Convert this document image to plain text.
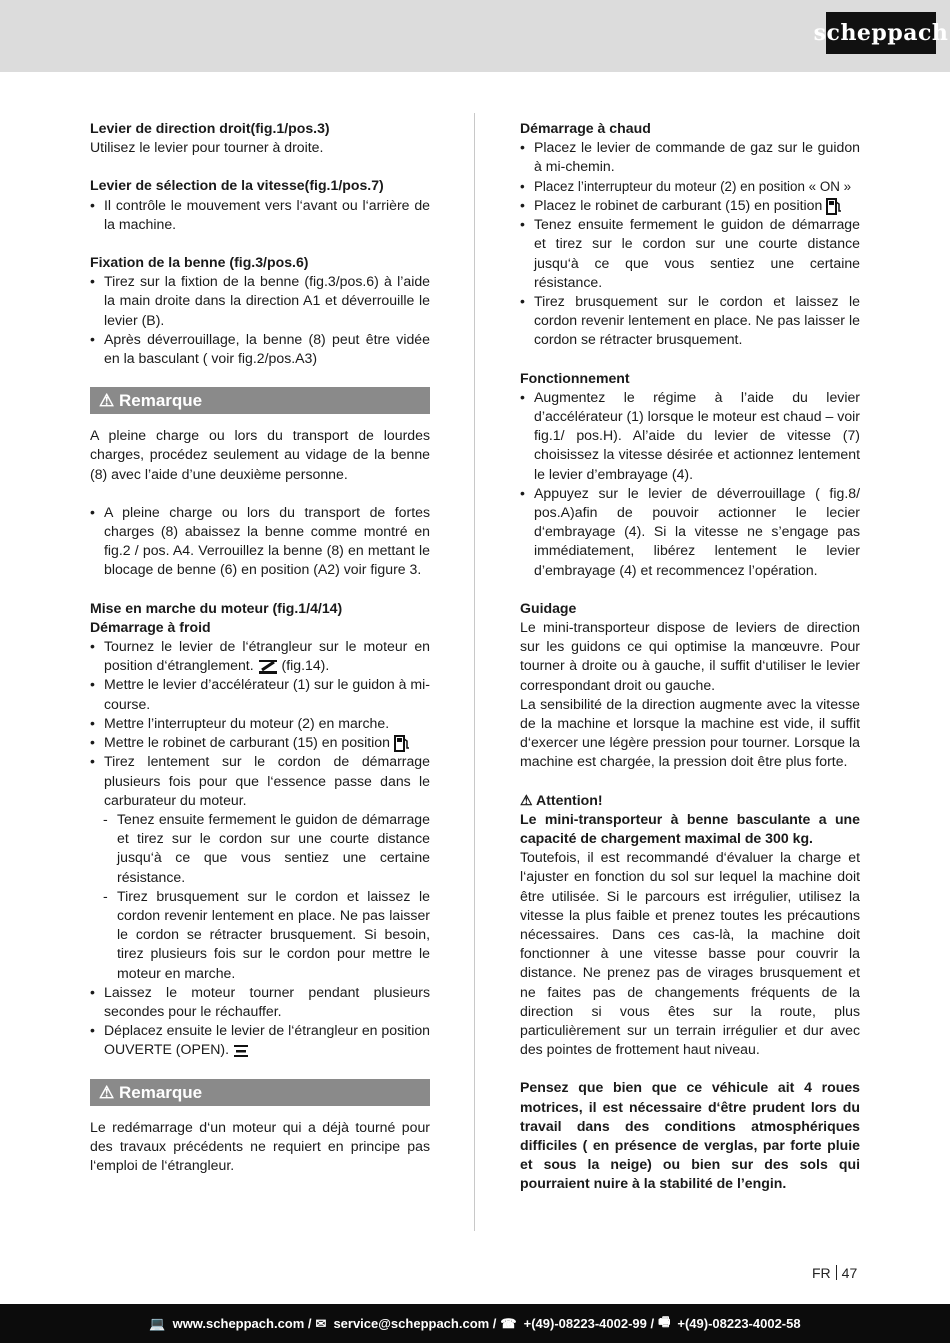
scheppach
Levier de direction droit(fig.1/pos.3)

Utilisez le levier pour tourner à droite.

Levier de sélection de la vitesse(fig.1/pos.7)
• Il contrôle le mouvement vers l‘avant ou l‘arrière de la machine.
Fixation de la benne (fig.3/pos.6)
• Tirez sur la fixtion de la benne (fig.3/pos.6) à l’aide la main droite dans la direction A1 et déverrouille le levier (B).
• Après déverrouillage, la benne (8) peut être vidée en la basculant ( voir fig.2/pos.A3)
⚠ Remarque

A pleine charge ou lors du transport de lourdes charges, procédez seulement au vidage de la benne (8) avec l’aide d’une deuxième personne.

• A pleine charge ou lors du transport de fortes charges (8) abaissez la benne comme montré en fig.2 / pos. A4. Verrouillez la benne (8) en mettant le blocage de benne (6) en position (A2) voir figure 3.
Mise en marche du moteur (fig.1/4/14)
Démarrage à froid
• Tournez le levier de l‘étrangleur sur le moteur en position d‘étranglement. (fig.14).
• Mettre le levier d’accélérateur (1) sur le guidon à mi-course.
• Mettre l’interrupteur du moteur (2) en marche.
• Mettre le robinet de carburant (15) en position
• Tirez lentement sur le cordon de démarrage plusieurs fois pour que l‘essence passe dans le carburateur du moteur.
- Tenez ensuite fermement le guidon de démarrage et tirez sur le cordon sur une courte distance jusqu‘à ce que vous sentiez une certaine résistance.
- Tirez brusquement sur le cordon et laissez le cordon revenir lentement en place. Ne pas laisser le cordon se rétracter brusquement. Si besoin, tirez plusieurs fois sur le cordon pour mettre le moteur en marche.
• Laissez le moteur tourner pendant plusieurs secondes pour le réchauffer.
• Déplacez ensuite le levier de l‘étrangleur en position OUVERTE (OPEN).
⚠ Remarque

Le redémarrage d‘un moteur qui a déjà tourné pour des travaux précédents ne requiert en principe pas l‘emploi de l‘étrangleur.

Démarrage à chaud
• Placez le levier de commande de gaz sur le guidon à mi-chemin.
• Placez l’interrupteur du moteur (2) en position « ON »
• Placez le robinet de carburant (15) en position
• Tenez ensuite fermement le guidon de démarrage et tirez sur le cordon sur une courte distance jusqu‘à ce que vous sentiez une certaine résistance.
• Tirez brusquement sur le cordon et laissez le cordon revenir lentement en place. Ne pas laisser le cordon se rétracter brusquement.
Fonctionnement
• Augmentez le régime à l’aide du levier d’accélérateur (1) lorsque le moteur est chaud – voir fig.1/ pos.H). Al’aide du levier de vitesse (7) choisissez la vitesse désirée et actionnez lentement le levier d’embrayage (4).
• Appuyez sur le levier de déverrouillage ( fig.8/ pos.A)afin de pouvoir actionner le lecier d‘embrayage (4). Si la vitesse ne s’engage pas immédiatement, libérez lentement le levier d’embrayage (4) et recommencez l’opération.
Guidage

Le mini-transporteur dispose de leviers de direction sur les guidons ce qui optimise la manœuvre. Pour tourner à droite ou à gauche, il suffit d‘utiliser le levier correspondant droit ou gauche.

La sensibilité de la direction augmente avec la vitesse de la machine et lorsque la machine est vide, il suffit d‘exercer une légère pression pour tourner. Lorsque la machine est chargée, la pression doit être plus forte.

⚠ Attention!

Le mini-transporteur à benne basculante a une capacité de chargement maximal de 300 kg.

Toutefois, il est recommandé d‘évaluer la charge et l‘ajuster en fonction du sol sur lequel la machine doit être utilisée. Si le parcours est irrégulier, utilisez la vitesse la plus faible et prenez toutes les précautions nécessaires. Dans ces cas-là, la machine doit fonctionner à une vitesse basse pour couvrir la distance. Ne prenez pas de virages brusquement et ne faites pas de changements fréquents de la direction si vous êtes sur la route, plus particulièrement sur un terrain irrégulier et dur avec des pointes de frottement haut niveau.

Pensez que bien que ce véhicule ait 4 roues motrices, il est nécessaire d‘être prudent lors du travail dans des conditions atmosphériques difficiles ( en présence de verglas, par forte pluie et sous la neige) ou bien sur des sols qui pourraient nuire à la stabilité de l’engin.

FR 47
💻 www.scheppach.com / ✉ service@scheppach.com / ☎ +(49)-08223-4002-99 / 🖷 +(49)-08223-4002-58
